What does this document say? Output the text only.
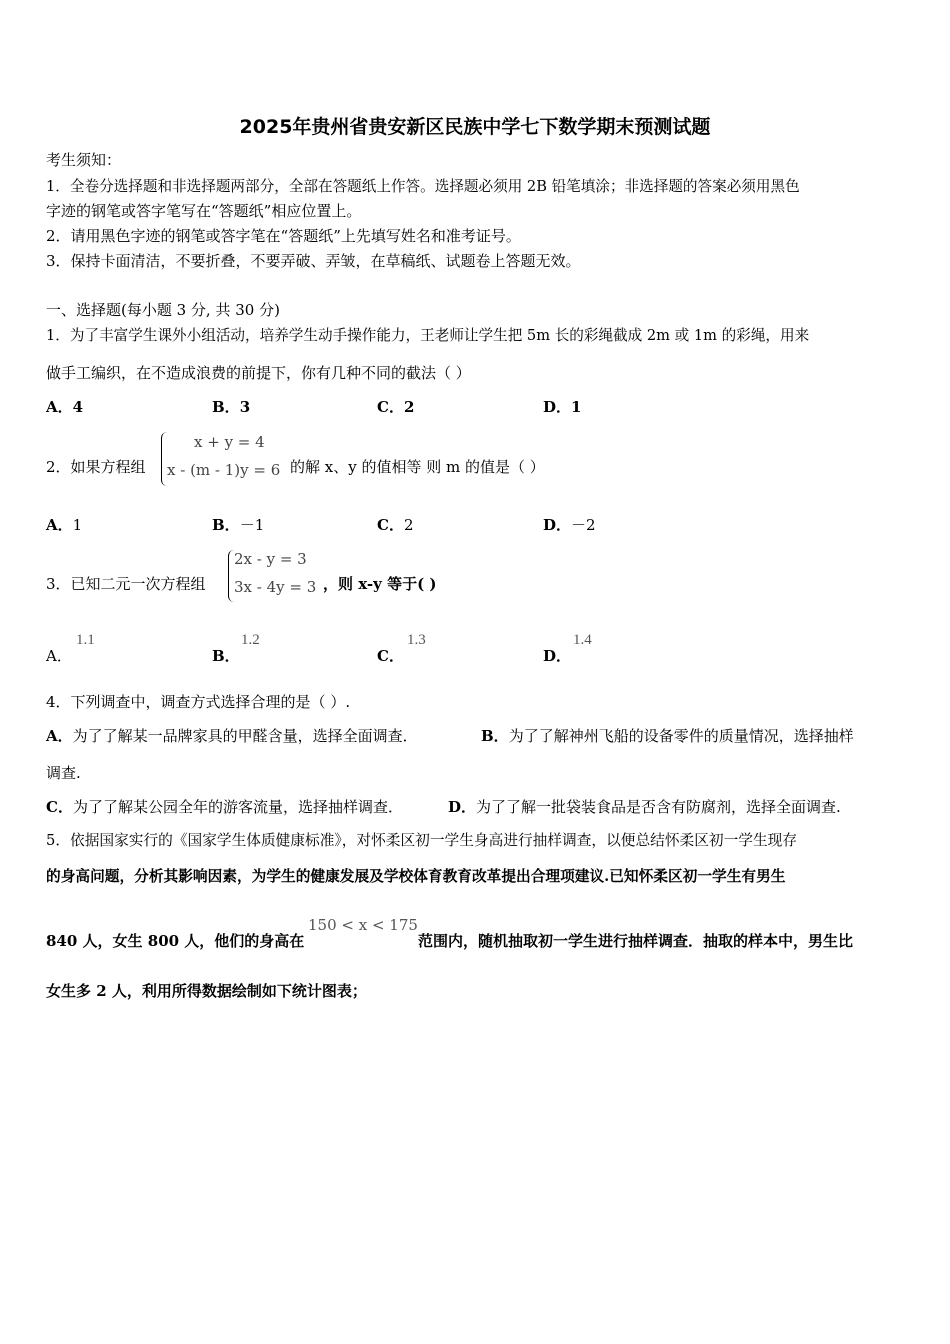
2025年贵州省贵安新区民族中学七下数学期末预测试题
考生须知：
1．全卷分选择题和非选择题两部分，全部在答题纸上作答。选择题必须用 2B 铅笔填涂；非选择题的答案必须用黑色
字迹的钢笔或答字笔写在“答题纸”相应位置上。
2．请用黑色字迹的钢笔或答字笔在“答题纸”上先填写姓名和准考证号。
3．保持卡面清洁，不要折叠，不要弄破、弄皱，在草稿纸、试题卷上答题无效。
一、选择题(每小题 3 分, 共 30 分)
1．为了丰富学生课外小组活动，培养学生动手操作能力，王老师让学生把 5m 长的彩绳截成 2m 或 1m 的彩绳，用来
做手工编织，在不造成浪费的前提下，你有几种不同的截法（ ）
A．4	B．3	C．2	D．1
2．如果方程组
x + y = 4
x - (m - 1)y = 6 的解 x、y 的值相等 则 m 的值是（ ）
A．1	B．－1	C．2	D．－2
3．已知二元一次方程组
2x - y = 3
3x - 4y = 3 ，则 x-y 等于( )
A．
1.1
B．
1.2
C．
1.3
D．
1.4
4．下列调查中，调查方式选择合理的是（ ）.
A．为了了解某一品牌家具的甲醛含量，选择全面调查．	B．为了了解神州飞船的设备零件的质量情况，选择抽样
调查.
C．为了了解某公园全年的游客流量，选择抽样调查．	D．为了了解一批袋装食品是否含有防腐剂，选择全面调查.
5．依据国家实行的《国家学生体质健康标准》，对怀柔区初一学生身高进行抽样调查，以便总结怀柔区初一学生现存
的身高问题，分析其影响因素，为学生的健康发展及学校体育教育改革提出合理项建议.已知怀柔区初一学生有男生
840 人，女生 800 人，他们的身高在
150 < x < 175
范围内，随机抽取初一学生进行抽样调查．抽取的样本中，男生比
女生多 2 人，利用所得数据绘制如下统计图表；
